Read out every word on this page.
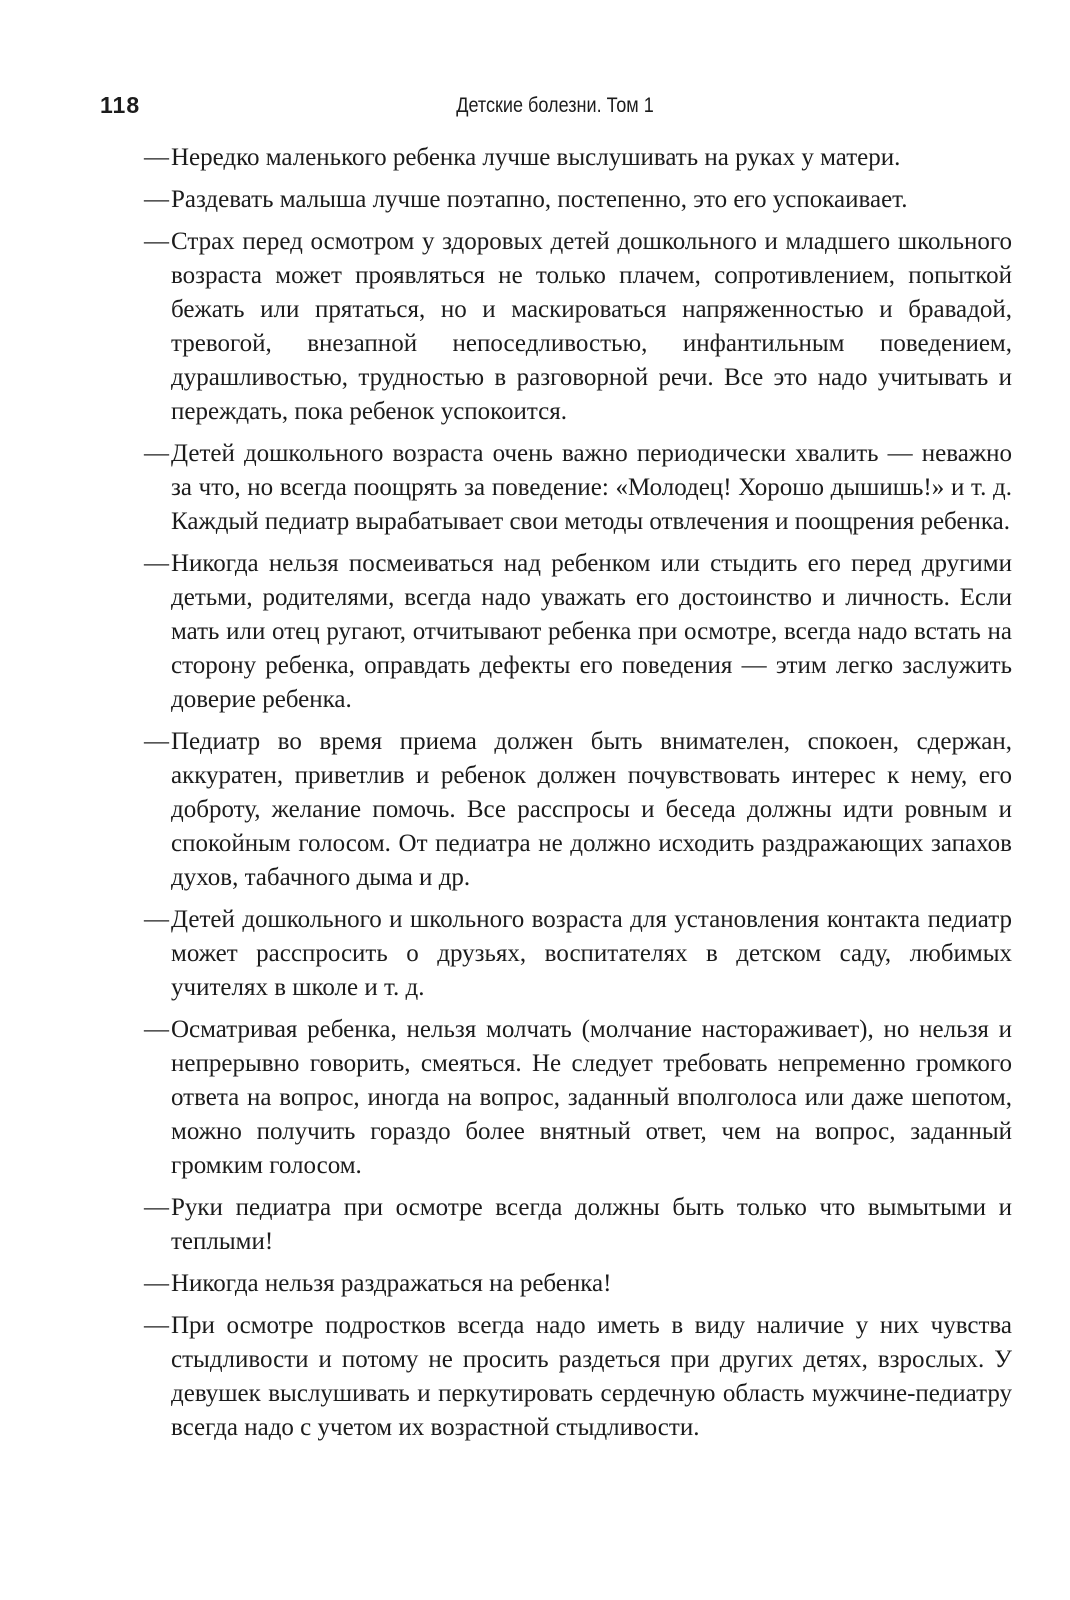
118	Детские болезни. Том 1
— Нередко маленького ребенка лучше выслушивать на руках у матери.
— Раздевать малыша лучше поэтапно, постепенно, это его успокаивает.
— Страх перед осмотром у здоровых детей дошкольного и младшего школьного возраста может проявляться не только плачем, сопротивлением, попыткой бежать или прятаться, но и маскироваться напряженностью и бравадой, тревогой, внезапной непоседливостью, инфантильным поведением, дурашливостью, трудностью в разговорной речи. Все это надо учитывать и переждать, пока ребенок успокоится.
— Детей дошкольного возраста очень важно периодически хвалить — неважно за что, но всегда поощрять за поведение: «Молодец! Хорошо дышишь!» и т. д. Каждый педиатр вырабатывает свои методы отвлечения и поощрения ребенка.
— Никогда нельзя посмеиваться над ребенком или стыдить его перед другими детьми, родителями, всегда надо уважать его достоинство и личность. Если мать или отец ругают, отчитывают ребенка при осмотре, всегда надо встать на сторону ребенка, оправдать дефекты его поведения — этим легко заслужить доверие ребенка.
— Педиатр во время приема должен быть внимателен, спокоен, сдержан, аккуратен, приветлив и ребенок должен почувствовать интерес к нему, его доброту, желание помочь. Все расспросы и беседа должны идти ровным и спокойным голосом. От педиатра не должно исходить раздражающих запахов духов, табачного дыма и др.
— Детей дошкольного и школьного возраста для установления контакта педиатр может расспросить о друзьях, воспитателях в детском саду, любимых учителях в школе и т. д.
— Осматривая ребенка, нельзя молчать (молчание настораживает), но нельзя и непрерывно говорить, смеяться. Не следует требовать непременно громкого ответа на вопрос, иногда на вопрос, заданный вполголоса или даже шепотом, можно получить гораздо более внятный ответ, чем на вопрос, заданный громким голосом.
— Руки педиатра при осмотре всегда должны быть только что вымытыми и теплыми!
— Никогда нельзя раздражаться на ребенка!
— При осмотре подростков всегда надо иметь в виду наличие у них чувства стыдливости и потому не просить раздеться при других детях, взрослых. У девушек выслушивать и перкутировать сердечную область мужчине-педиатру всегда надо с учетом их возрастной стыдливости.
